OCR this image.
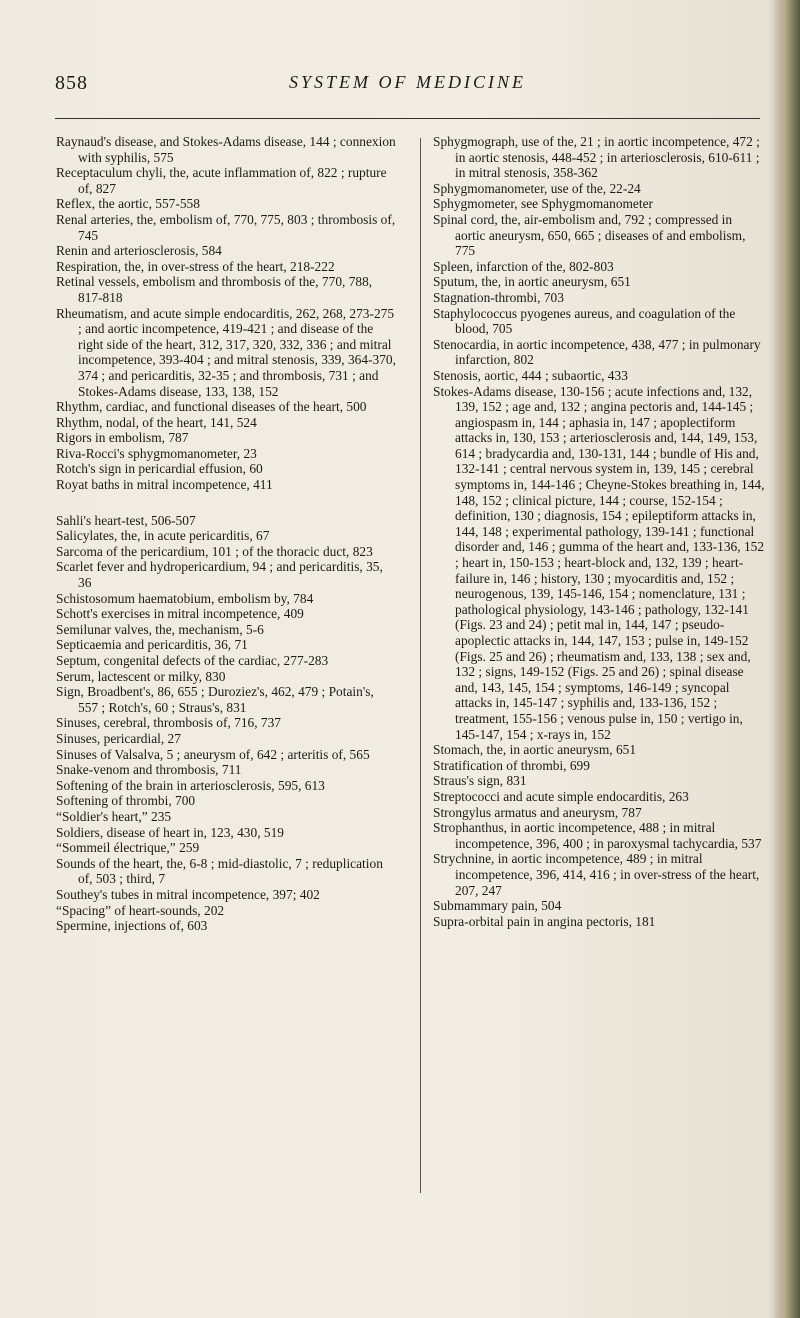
858	SYSTEM OF MEDICINE

Raynaud's disease, and Stokes-Adams disease, 144 ; connexion with syphilis, 575

Receptaculum chyli, the, acute inflammation of, 822 ; rupture of, 827

Reflex, the aortic, 557-558

Renal arteries, the, embolism of, 770, 775, 803 ; thrombosis of, 745

Renin and arteriosclerosis, 584

Respiration, the, in over-stress of the heart, 218-222

Retinal vessels, embolism and thrombosis of the, 770, 788, 817-818

Rheumatism, and acute simple endocarditis, 262, 268, 273-275 ; and aortic incompetence, 419-421 ; and disease of the right side of the heart, 312, 317, 320, 332, 336 ; and mitral incompetence, 393-404 ; and mitral stenosis, 339, 364-370, 374 ; and pericarditis, 32-35 ; and thrombosis, 731 ; and Stokes-Adams disease, 133, 138, 152

Rhythm, cardiac, and functional diseases of the heart, 500

Rhythm, nodal, of the heart, 141, 524

Rigors in embolism, 787

Riva-Rocci's sphygmomanometer, 23

Rotch's sign in pericardial effusion, 60

Royat baths in mitral incompetence, 411

Sahli's heart-test, 506-507

Salicylates, the, in acute pericarditis, 67

Sarcoma of the pericardium, 101 ; of the thoracic duct, 823

Scarlet fever and hydropericardium, 94 ; and pericarditis, 35, 36

Schistosomum haematobium, embolism by, 784

Schott's exercises in mitral incompetence, 409

Semilunar valves, the, mechanism, 5-6

Septicaemia and pericarditis, 36, 71

Septum, congenital defects of the cardiac, 277-283

Serum, lactescent or milky, 830

Sign, Broadbent's, 86, 655 ; Duroziez's, 462, 479 ; Potain's, 557 ; Rotch's, 60 ; Straus's, 831

Sinuses, cerebral, thrombosis of, 716, 737

Sinuses, pericardial, 27

Sinuses of Valsalva, 5 ; aneurysm of, 642 ; arteritis of, 565

Snake-venom and thrombosis, 711

Softening of the brain in arteriosclerosis, 595, 613

Softening of thrombi, 700

“Soldier's heart,” 235

Soldiers, disease of heart in, 123, 430, 519

“Sommeil électrique,” 259

Sounds of the heart, the, 6-8 ; mid-diastolic, 7 ; reduplication of, 503 ; third, 7

Southey's tubes in mitral incompetence, 397; 402

“Spacing” of heart-sounds, 202

Spermine, injections of, 603

Sphygmograph, use of the, 21 ; in aortic incompetence, 472 ; in aortic stenosis, 448-452 ; in arteriosclerosis, 610-611 ; in mitral stenosis, 358-362

Sphygmomanometer, use of the, 22-24

Sphygmometer, see Sphygmomanometer

Spinal cord, the, air-embolism and, 792 ; compressed in aortic aneurysm, 650, 665 ; diseases of and embolism, 775

Spleen, infarction of the, 802-803

Sputum, the, in aortic aneurysm, 651

Stagnation-thrombi, 703

Staphylococcus pyogenes aureus, and coagulation of the blood, 705

Stenocardia, in aortic incompetence, 438, 477 ; in pulmonary infarction, 802

Stenosis, aortic, 444 ; subaortic, 433

Stokes-Adams disease, 130-156 ; acute infections and, 132, 139, 152 ; age and, 132 ; angina pectoris and, 144-145 ; angiospasm in, 144 ; aphasia in, 147 ; apoplectiform attacks in, 130, 153 ; arteriosclerosis and, 144, 149, 153, 614 ; bradycardia and, 130-131, 144 ; bundle of His and, 132-141 ; central nervous system in, 139, 145 ; cerebral symptoms in, 144-146 ; Cheyne-Stokes breathing in, 144, 148, 152 ; clinical picture, 144 ; course, 152-154 ; definition, 130 ; diagnosis, 154 ; epileptiform attacks in, 144, 148 ; experimental pathology, 139-141 ; functional disorder and, 146 ; gumma of the heart and, 133-136, 152 ; heart in, 150-153 ; heart-block and, 132, 139 ; heart-failure in, 146 ; history, 130 ; myocarditis and, 152 ; neurogenous, 139, 145-146, 154 ; nomenclature, 131 ; pathological physiology, 143-146 ; pathology, 132-141 (Figs. 23 and 24) ; petit mal in, 144, 147 ; pseudo-apoplectic attacks in, 144, 147, 153 ; pulse in, 149-152 (Figs. 25 and 26) ; rheumatism and, 133, 138 ; sex and, 132 ; signs, 149-152 (Figs. 25 and 26) ; spinal disease and, 143, 145, 154 ; symptoms, 146-149 ; syncopal attacks in, 145-147 ; syphilis and, 133-136, 152 ; treatment, 155-156 ; venous pulse in, 150 ; vertigo in, 145-147, 154 ; x-rays in, 152

Stomach, the, in aortic aneurysm, 651

Stratification of thrombi, 699

Straus's sign, 831

Streptococci and acute simple endocarditis, 263

Strongylus armatus and aneurysm, 787

Strophanthus, in aortic incompetence, 488 ; in mitral incompetence, 396, 400 ; in paroxysmal tachycardia, 537

Strychnine, in aortic incompetence, 489 ; in mitral incompetence, 396, 414, 416 ; in over-stress of the heart, 207, 247

Submammary pain, 504

Supra-orbital pain in angina pectoris, 181
